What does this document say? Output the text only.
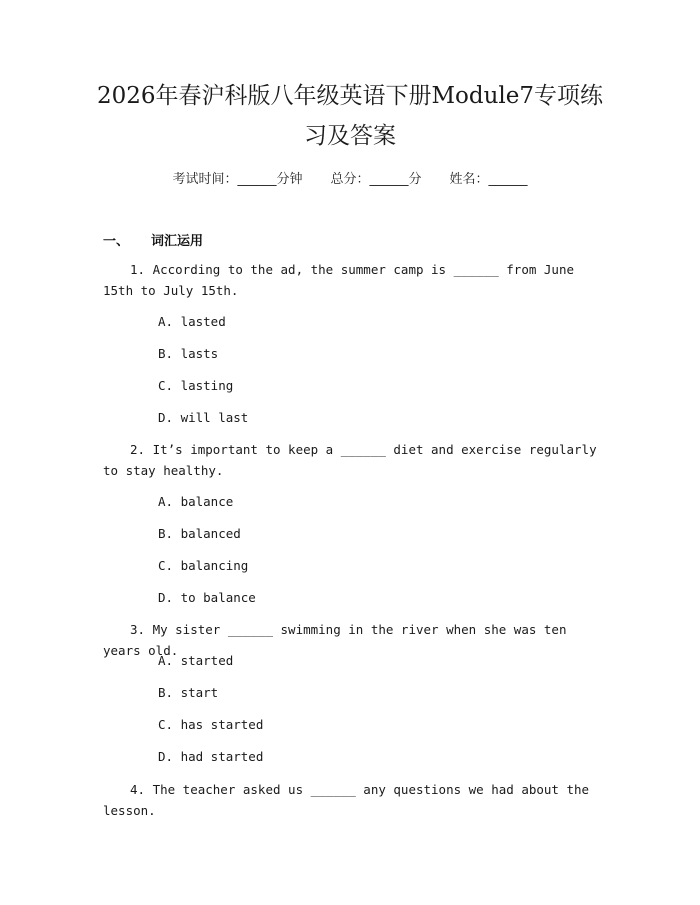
2026年春沪科版八年级英语下册Module7专项练习及答案
考试时间：______分钟 总分：______分 姓名：______
一、 词汇运用
1. According to the ad, the summer camp is ______ from June 15th to July 15th.
A. lasted
B. lasts
C. lasting
D. will last
2. It’s important to keep a ______ diet and exercise regularly to stay healthy.
A. balance
B. balanced
C. balancing
D. to balance
3. My sister ______ swimming in the river when she was ten years old.
A. started
B. start
C. has started
D. had started
4. The teacher asked us ______ any questions we had about the lesson.
